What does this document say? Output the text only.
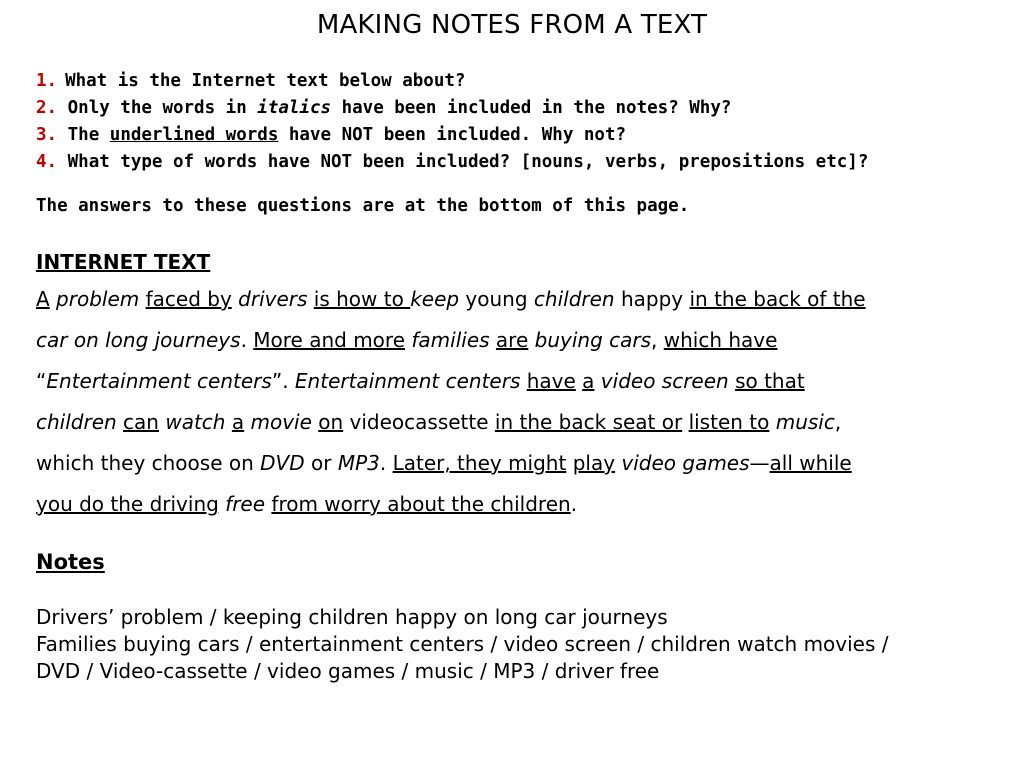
MAKING NOTES FROM A TEXT
1. What is the Internet text below about?
2. Only the words in italics have been included in the notes? Why?
3. The underlined words have NOT been included. Why not?
4. What type of words have NOT been included? [nouns, verbs, prepositions etc]?
The answers to these questions are at the bottom of this page.
INTERNET TEXT
A problem faced by drivers is how to keep young children happy in the back of the
car on long journeys. More and more families are buying cars, which have
“Entertainment centers”. Entertainment centers have a video screen so that
children can watch a movie on videocassette in the back seat or listen to music,
which they choose on DVD or MP3. Later, they might play video games—all while
you do the driving free from worry about the children.
Notes
Drivers’ problem / keeping children happy on long car journeys
Families buying cars / entertainment centers / video screen / children watch movies /
DVD / Video-cassette / video games / music / MP3 / driver free
